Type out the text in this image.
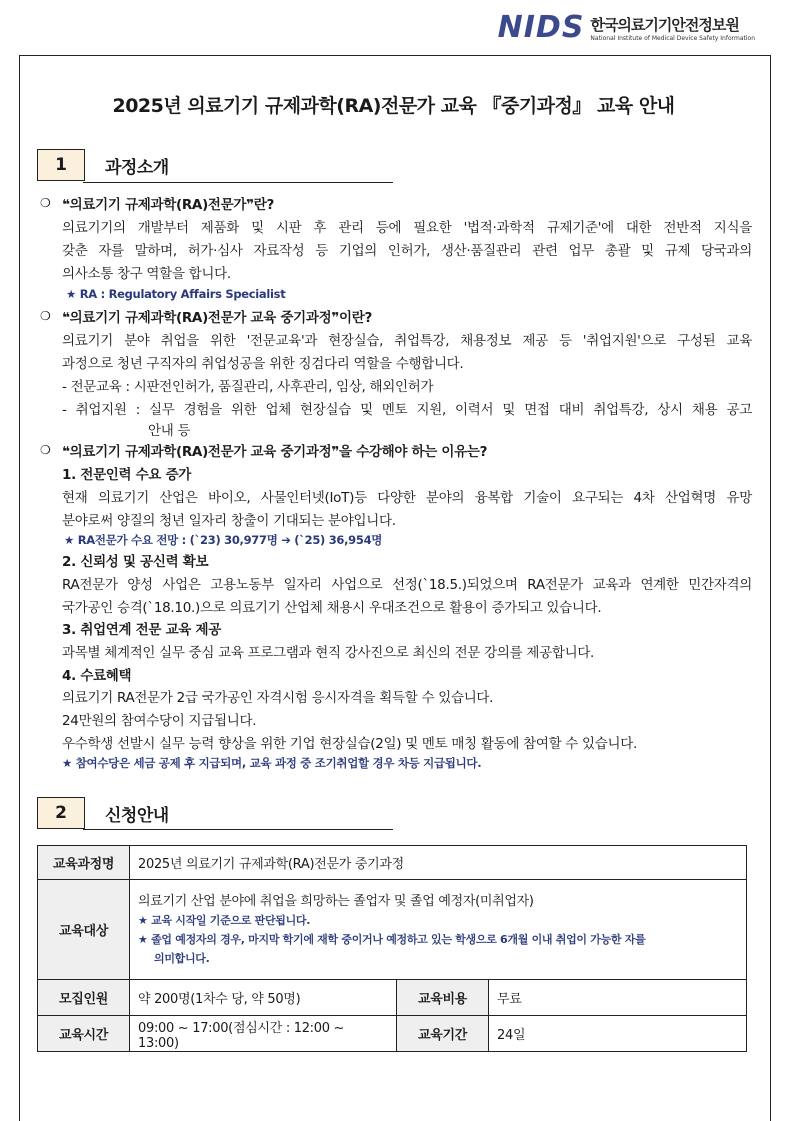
NIDS 한국의료기기안전정보원
National Institute of Medical Device Safety Information
2025년 의료기기 규제과학(RA)전문가 교육 『중기과정』 교육 안내
1	과정소개
❍ ❝의료기기 규제과학(RA)전문가❞란?
의료기기의 개발부터 제품화 및 시판 후 관리 등에 필요한 '법적·과학적 규제기준'에 대한 전반적 지식을
갖춘 자를 말하며, 허가·심사 자료작성 등 기업의 인허가, 생산·품질관리 관련 업무 총괄 및 규제 당국과의
의사소통 창구 역할을 합니다.
★ RA : Regulatory Affairs Specialist
❍ ❝의료기기 규제과학(RA)전문가 교육 중기과정❞이란?
의료기기 분야 취업을 위한 '전문교육'과 현장실습, 취업특강, 채용정보 제공 등 '취업지원'으로 구성된 교육
과정으로 청년 구직자의 취업성공을 위한 징검다리 역할을 수행합니다.
- 전문교육 : 시판전인허가, 품질관리, 사후관리, 임상, 해외인허가
- 취업지원 : 실무 경험을 위한 업체 현장실습 및 멘토 지원, 이력서 및 면접 대비 취업특강, 상시 채용 공고
안내 등
❍ ❝의료기기 규제과학(RA)전문가 교육 중기과정❞을 수강해야 하는 이유는?
1. 전문인력 수요 증가
현재 의료기기 산업은 바이오, 사물인터넷(IoT)등 다양한 분야의 융복합 기술이 요구되는 4차 산업혁명 유망
분야로써 양질의 청년 일자리 창출이 기대되는 분야입니다.
★ RA전문가 수요 전망 : (`23) 30,977명 ➔ (`25) 36,954명
2. 신뢰성 및 공신력 확보
RA전문가 양성 사업은 고용노동부 일자리 사업으로 선정(`18.5.)되었으며 RA전문가 교육과 연계한 민간자격의
국가공인 승격(`18.10.)으로 의료기기 산업체 채용시 우대조건으로 활용이 증가되고 있습니다.
3. 취업연계 전문 교육 제공
과목별 체계적인 실무 중심 교육 프로그램과 현직 강사진으로 최신의 전문 강의를 제공합니다.
4. 수료혜택
의료기기 RA전문가 2급 국가공인 자격시험 응시자격을 획득할 수 있습니다.
24만원의 참여수당이 지급됩니다.
우수학생 선발시 실무 능력 향상을 위한 기업 현장실습(2일) 및 멘토 매칭 활동에 참여할 수 있습니다.
★ 참여수당은 세금 공제 후 지급되며, 교육 과정 중 조기취업할 경우 차등 지급됩니다.
2	신청안내
교육과정명	2025년 의료기기 규제과학(RA)전문가 중기과정		
교육대상	의료기기 산업 분야에 취업을 희망하는 졸업자 및 졸업 예정자(미취업자)
★ 교육 시작일 기준으로 판단됩니다.
★ 졸업 예정자의 경우, 마지막 학기에 재학 중이거나 예정하고 있는 학생으로 6개월 이내 취업이 가능한 자를
의미합니다.		

모집인원	약 200명(1차수 당, 약 50명)	교육비용	무료
교육시간	09:00 ~ 17:00(점심시간 : 12:00 ~ 13:00)	교육기간	24일
